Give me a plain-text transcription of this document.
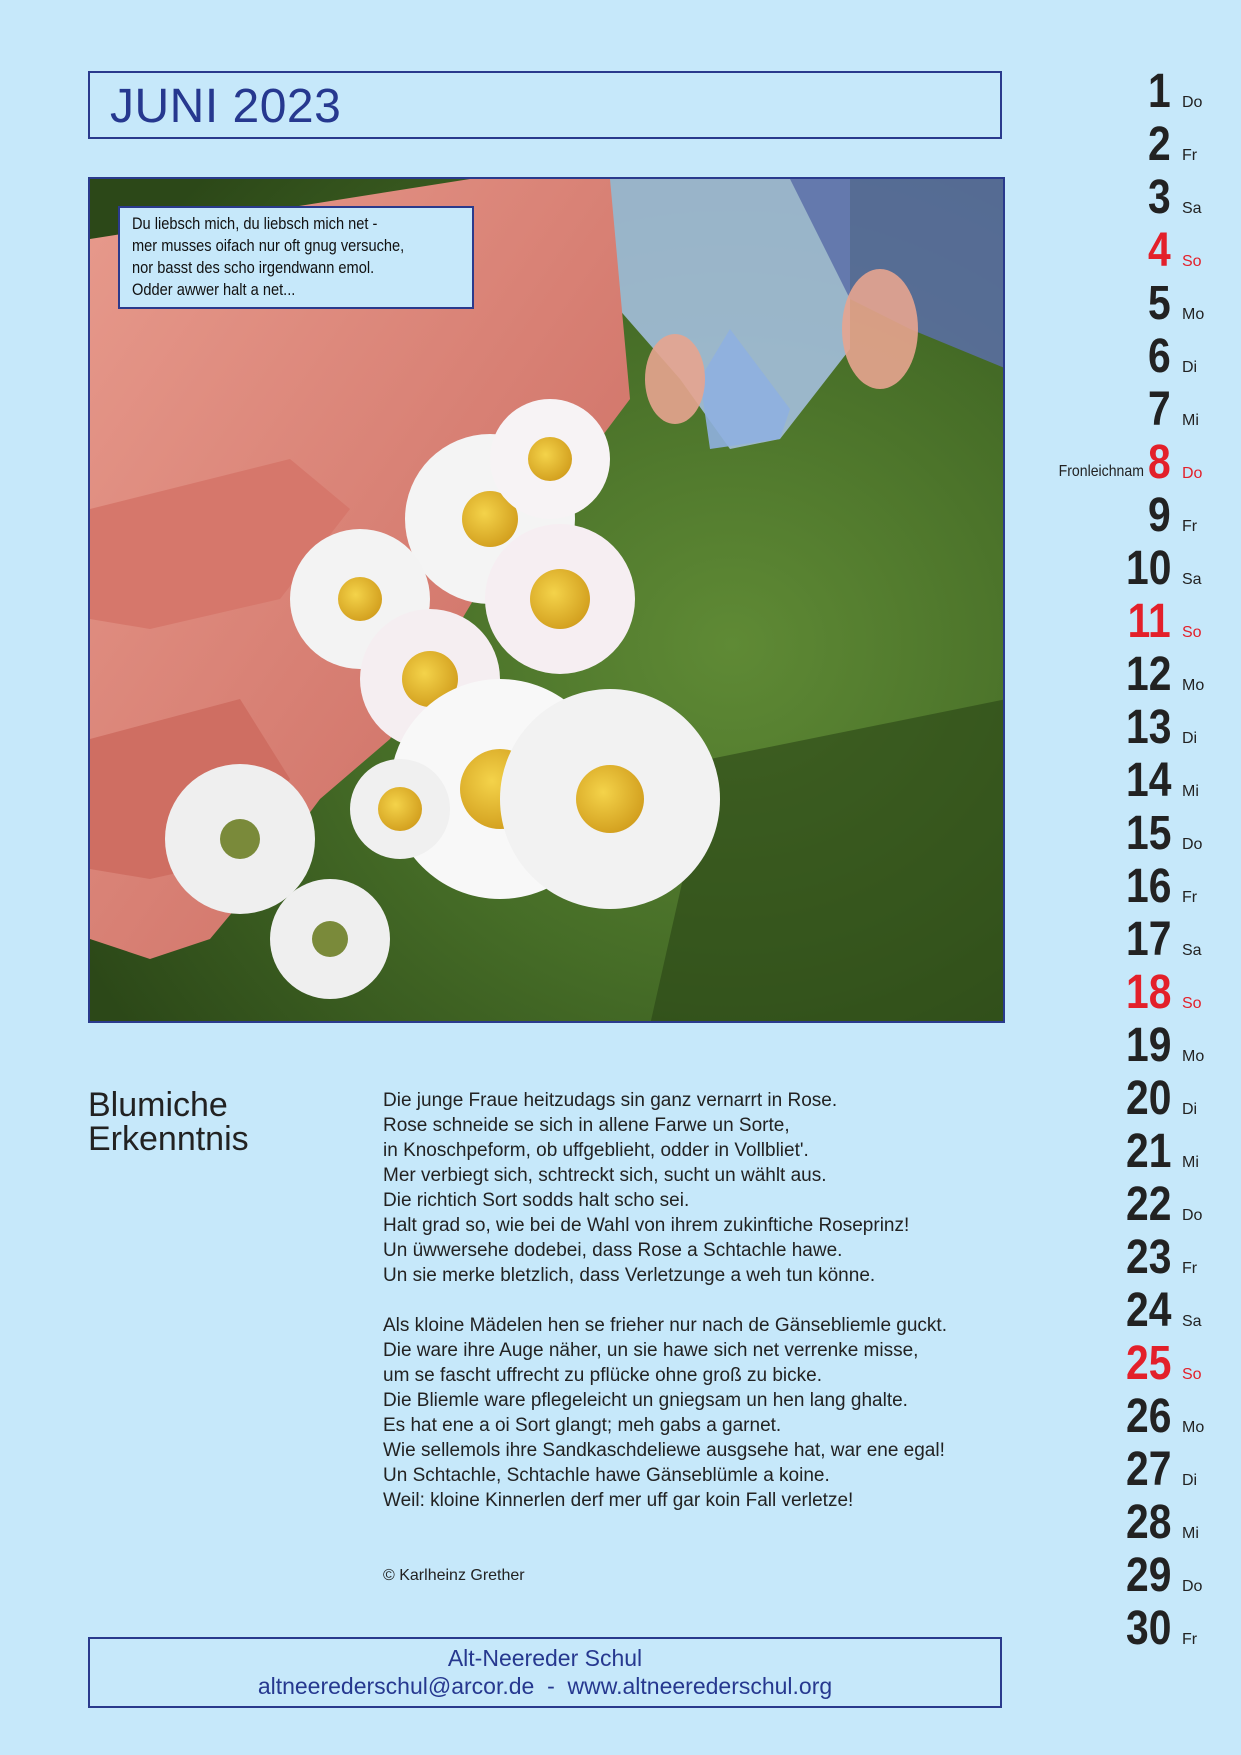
JUNI 2023
Du liebsch mich, du liebsch mich net -
mer musses oifach nur oft gnug versuche,
nor basst des scho irgendwann emol.
Odder awwer halt a net...
Blumiche
Erkenntnis
Die junge Fraue heitzudags sin ganz vernarrt in Rose.
Rose schneide se sich in allene Farwe un Sorte,
in Knoschpeform, ob uffgeblieht, odder in Vollbliet'.
Mer verbiegt sich, schtreckt sich, sucht un wählt aus.
Die richtich Sort sodds halt scho sei.
Halt grad so, wie bei de Wahl von ihrem zukinftiche Roseprinz!
Un üwwersehe dodebei, dass Rose a Schtachle hawe.
Un sie merke bletzlich, dass Verletzunge a weh tun könne.
Als kloine Mädelen hen se frieher nur nach de Gänsebliemle guckt.
Die ware ihre Auge näher, un sie hawe sich net verrenke misse,
um se fascht uffrecht zu pflücke ohne groß zu bicke.
Die Bliemle ware pflegeleicht un gniegsam un hen lang ghalte.
Es hat ene a oi Sort glangt; meh gabs a garnet.
Wie sellemols ihre Sandkaschdeliewe ausgsehe hat, war ene egal!
Un Schtachle, Schtachle hawe Gänseblümle a koine.
Weil: kloine Kinnerlen derf mer uff gar koin Fall verletze!
© Karlheinz Grether
Alt-Neereder Schul
altneerederschul@arcor.de  -  www.altneerederschul.org
1 Do
2 Fr
3 Sa
4 So
5 Mo
6 Di
7 Mi
8 Do
Fronleichnam
9 Fr
10 Sa
11 So
12 Mo
13 Di
14 Mi
15 Do
16 Fr
17 Sa
18 So
19 Mo
20 Di
21 Mi
22 Do
23 Fr
24 Sa
25 So
26 Mo
27 Di
28 Mi
29 Do
30 Fr
